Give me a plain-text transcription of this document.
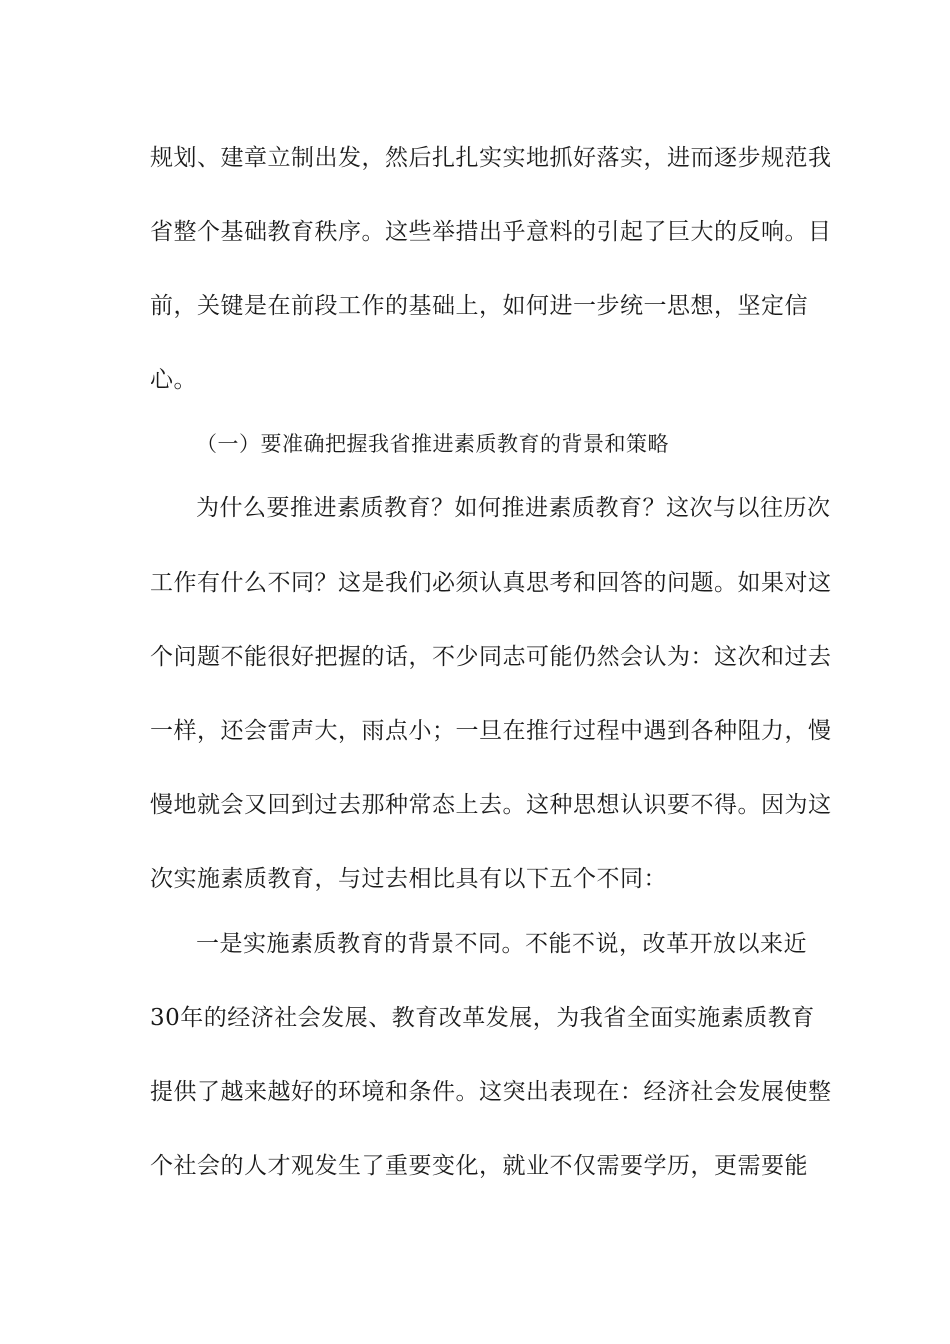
规划、建章立制出发，然后扎扎实实地抓好落实，进而逐步规范我
省整个基础教育秩序。这些举措出乎意料的引起了巨大的反响。目
前，关键是在前段工作的基础上，如何进一步统一思想，坚定信
心。
（一）要准确把握我省推进素质教育的背景和策略
为什么要推进素质教育？如何推进素质教育？这次与以往历次
工作有什么不同？这是我们必须认真思考和回答的问题。如果对这
个问题不能很好把握的话，不少同志可能仍然会认为：这次和过去
一样，还会雷声大，雨点小；一旦在推行过程中遇到各种阻力，慢
慢地就会又回到过去那种常态上去。这种思想认识要不得。因为这
次实施素质教育，与过去相比具有以下五个不同：
一是实施素质教育的背景不同。不能不说，改革开放以来近
30年的经济社会发展、教育改革发展，为我省全面实施素质教育
提供了越来越好的环境和条件。这突出表现在：经济社会发展使整
个社会的人才观发生了重要变化，就业不仅需要学历，更需要能
